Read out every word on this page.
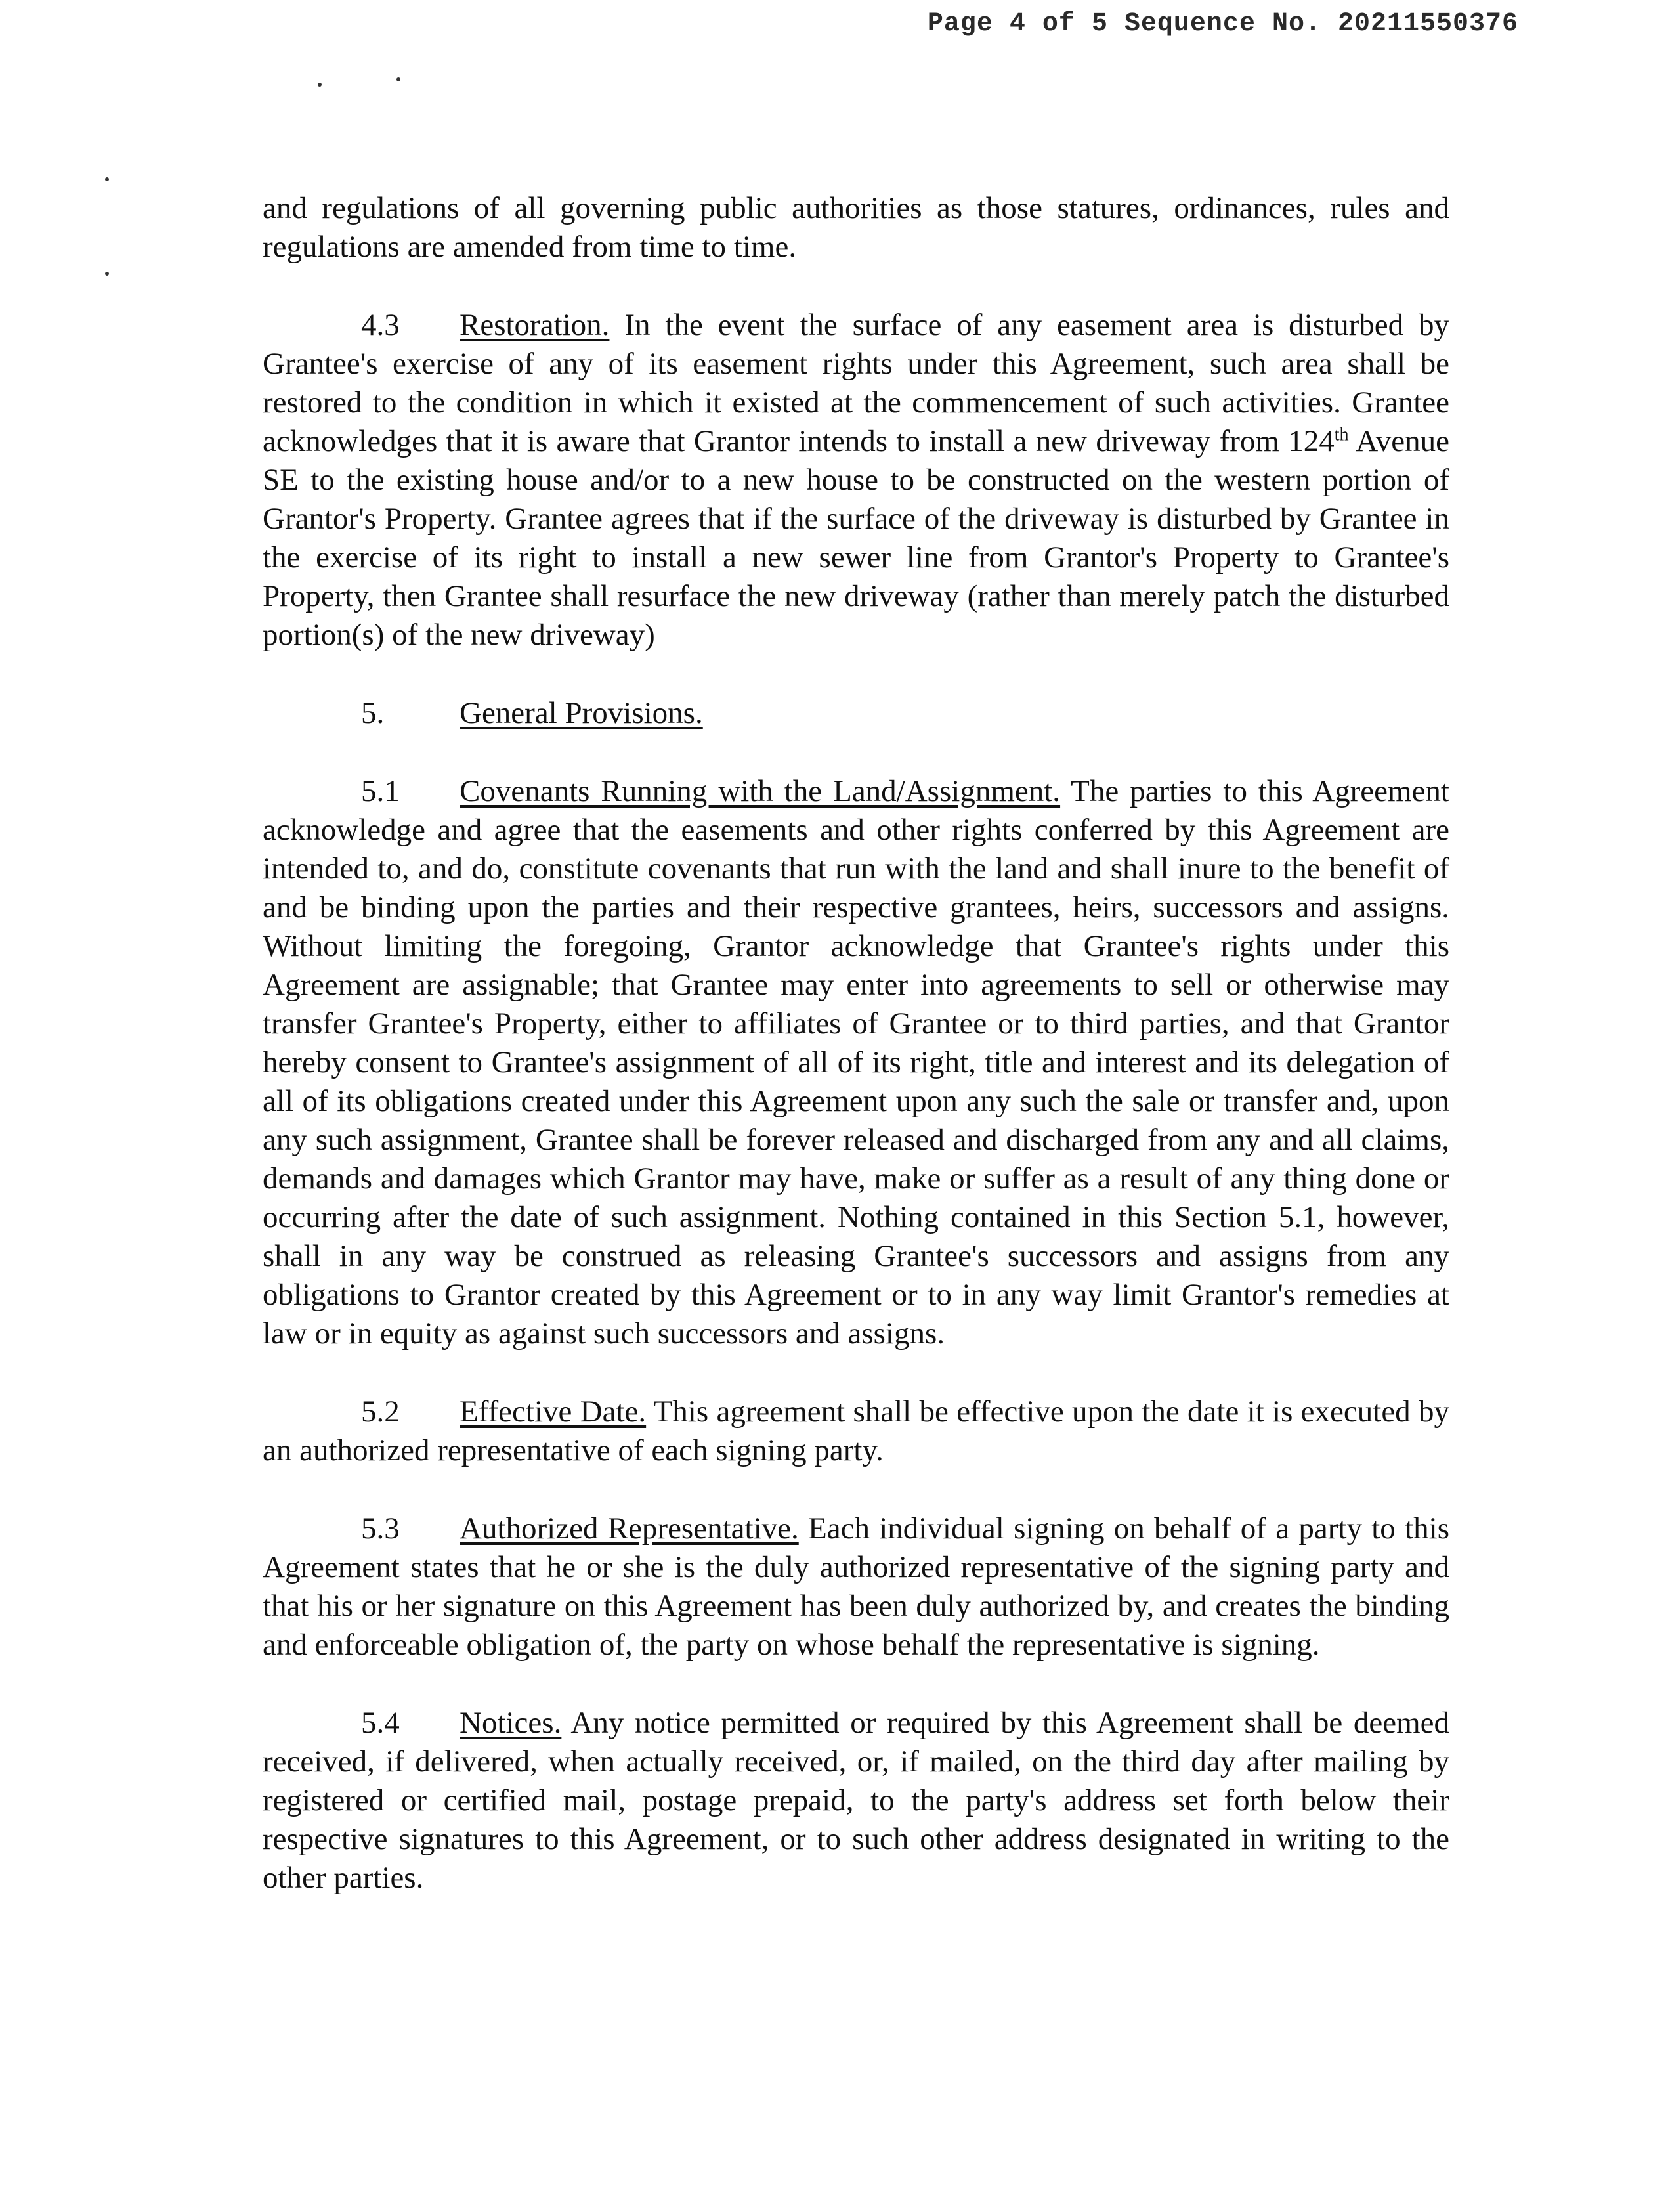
Page 4 of 5 Sequence No. 20211550376

and regulations of all governing public authorities as those statures, ordinances, rules and regulations are amended from time to time.

4.3 Restoration. In the event the surface of any easement area is disturbed by Grantee's exercise of any of its easement rights under this Agreement, such area shall be restored to the condition in which it existed at the commencement of such activities. Grantee acknowledges that it is aware that Grantor intends to install a new driveway from 124th Avenue SE to the existing house and/or to a new house to be constructed on the western portion of Grantor's Property. Grantee agrees that if the surface of the driveway is disturbed by Grantee in the exercise of its right to install a new sewer line from Grantor's Property to Grantee's Property, then Grantee shall resurface the new driveway (rather than merely patch the disturbed portion(s) of the new driveway)

5. General Provisions.

5.1 Covenants Running with the Land/Assignment. The parties to this Agreement acknowledge and agree that the easements and other rights conferred by this Agreement are intended to, and do, constitute covenants that run with the land and shall inure to the benefit of and be binding upon the parties and their respective grantees, heirs, successors and assigns. Without limiting the foregoing, Grantor acknowledge that Grantee's rights under this Agreement are assignable; that Grantee may enter into agreements to sell or otherwise may transfer Grantee's Property, either to affiliates of Grantee or to third parties, and that Grantor hereby consent to Grantee's assignment of all of its right, title and interest and its delegation of all of its obligations created under this Agreement upon any such the sale or transfer and, upon any such assignment, Grantee shall be forever released and discharged from any and all claims, demands and damages which Grantor may have, make or suffer as a result of any thing done or occurring after the date of such assignment. Nothing contained in this Section 5.1, however, shall in any way be construed as releasing Grantee's successors and assigns from any obligations to Grantor created by this Agreement or to in any way limit Grantor's remedies at law or in equity as against such successors and assigns.

5.2 Effective Date. This agreement shall be effective upon the date it is executed by an authorized representative of each signing party.

5.3 Authorized Representative. Each individual signing on behalf of a party to this Agreement states that he or she is the duly authorized representative of the signing party and that his or her signature on this Agreement has been duly authorized by, and creates the binding and enforceable obligation of, the party on whose behalf the representative is signing.

5.4 Notices. Any notice permitted or required by this Agreement shall be deemed received, if delivered, when actually received, or, if mailed, on the third day after mailing by registered or certified mail, postage prepaid, to the party's address set forth below their respective signatures to this Agreement, or to such other address designated in writing to the other parties.
